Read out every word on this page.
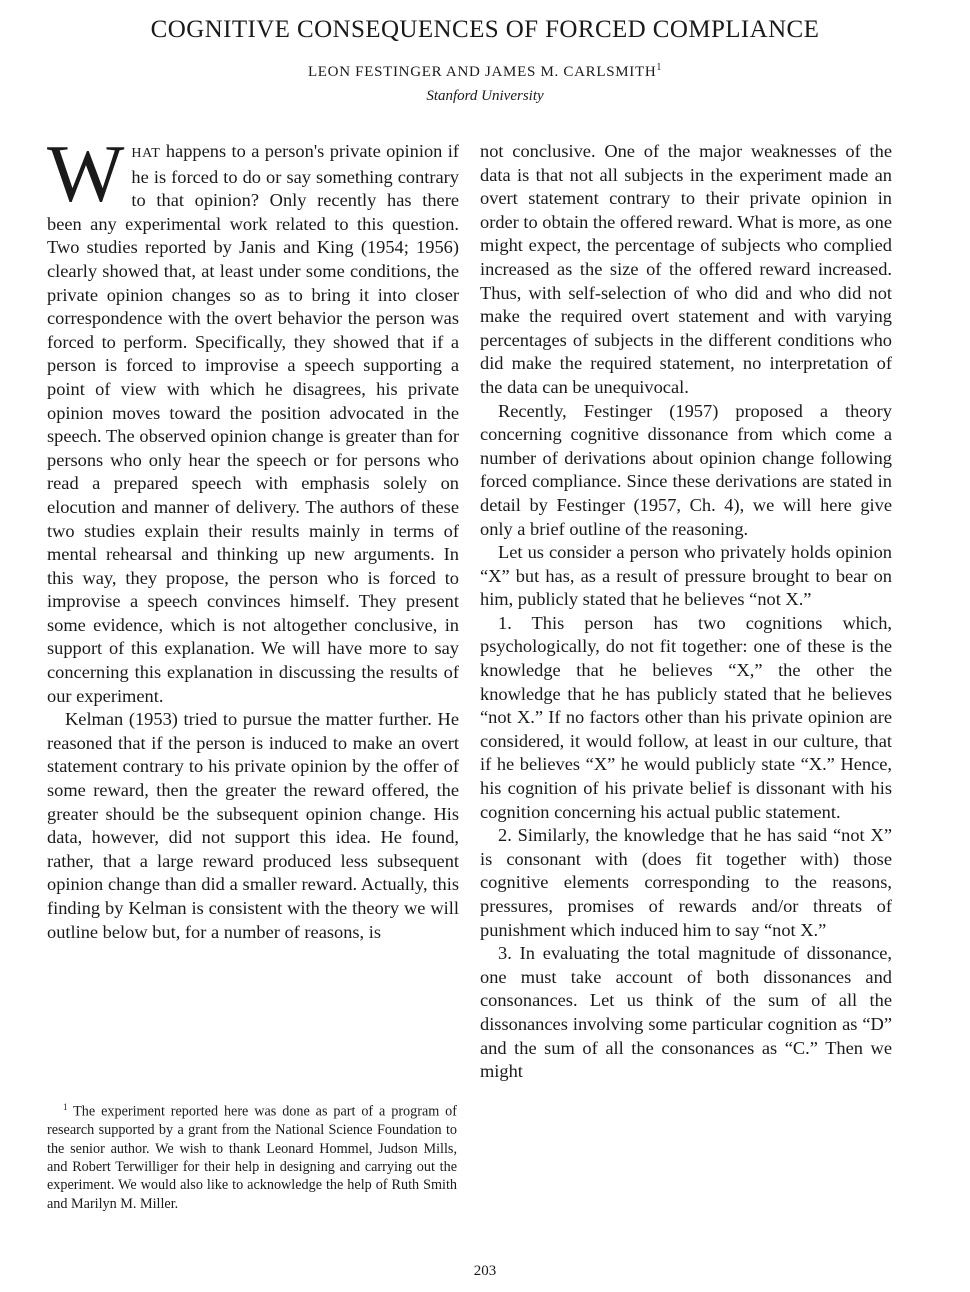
COGNITIVE CONSEQUENCES OF FORCED COMPLIANCE
LEON FESTINGER AND JAMES M. CARLSMITH$^1$
Stanford University

WHAT happens to a person's private opinion if he is forced to do or say something contrary to that opinion? Only recently has there been any experimental work related to this question. Two studies reported by Janis and King (1954; 1956) clearly showed that, at least under some conditions, the private opinion changes so as to bring it into closer correspondence with the overt behavior the person was forced to perform. Specifically, they showed that if a person is forced to improvise a speech supporting a point of view with which he disagrees, his private opinion moves toward the position advocated in the speech. The observed opinion change is greater than for persons who only hear the speech or for persons who read a prepared speech with emphasis solely on elocution and manner of delivery. The authors of these two studies explain their results mainly in terms of mental rehearsal and thinking up new arguments. In this way, they propose, the person who is forced to improvise a speech convinces himself. They present some evidence, which is not altogether conclusive, in support of this explanation. We will have more to say concerning this explanation in discussing the results of our experiment.

Kelman (1953) tried to pursue the matter further. He reasoned that if the person is induced to make an overt statement contrary to his private opinion by the offer of some reward, then the greater the reward offered, the greater should be the subsequent opinion change. His data, however, did not support this idea. He found, rather, that a large reward produced less subsequent opinion change than did a smaller reward. Actually, this finding by Kelman is consistent with the theory we will outline below but, for a number of reasons, is

$^1$ The experiment reported here was done as part of a program of research supported by a grant from the National Science Foundation to the senior author. We wish to thank Leonard Hommel, Judson Mills, and Robert Terwilliger for their help in designing and carrying out the experiment. We would also like to acknowledge the help of Ruth Smith and Marilyn M. Miller.

not conclusive. One of the major weaknesses of the data is that not all subjects in the experiment made an overt statement contrary to their private opinion in order to obtain the offered reward. What is more, as one might expect, the percentage of subjects who complied increased as the size of the offered reward increased. Thus, with self-selection of who did and who did not make the required overt statement and with varying percentages of subjects in the different conditions who did make the required statement, no interpretation of the data can be unequivocal.

Recently, Festinger (1957) proposed a theory concerning cognitive dissonance from which come a number of derivations about opinion change following forced compliance. Since these derivations are stated in detail by Festinger (1957, Ch. 4), we will here give only a brief outline of the reasoning.

Let us consider a person who privately holds opinion “X” but has, as a result of pressure brought to bear on him, publicly stated that he believes “not X.”

1. This person has two cognitions which, psychologically, do not fit together: one of these is the knowledge that he believes “X,” the other the knowledge that he has publicly stated that he believes “not X.” If no factors other than his private opinion are considered, it would follow, at least in our culture, that if he believes “X” he would publicly state “X.” Hence, his cognition of his private belief is dissonant with his cognition concerning his actual public statement.

2. Similarly, the knowledge that he has said “not X” is consonant with (does fit together with) those cognitive elements corresponding to the reasons, pressures, promises of rewards and/or threats of punishment which induced him to say “not X.”

3. In evaluating the total magnitude of dissonance, one must take account of both dissonances and consonances. Let us think of the sum of all the dissonances involving some particular cognition as “D” and the sum of all the consonances as “C.” Then we might

203
